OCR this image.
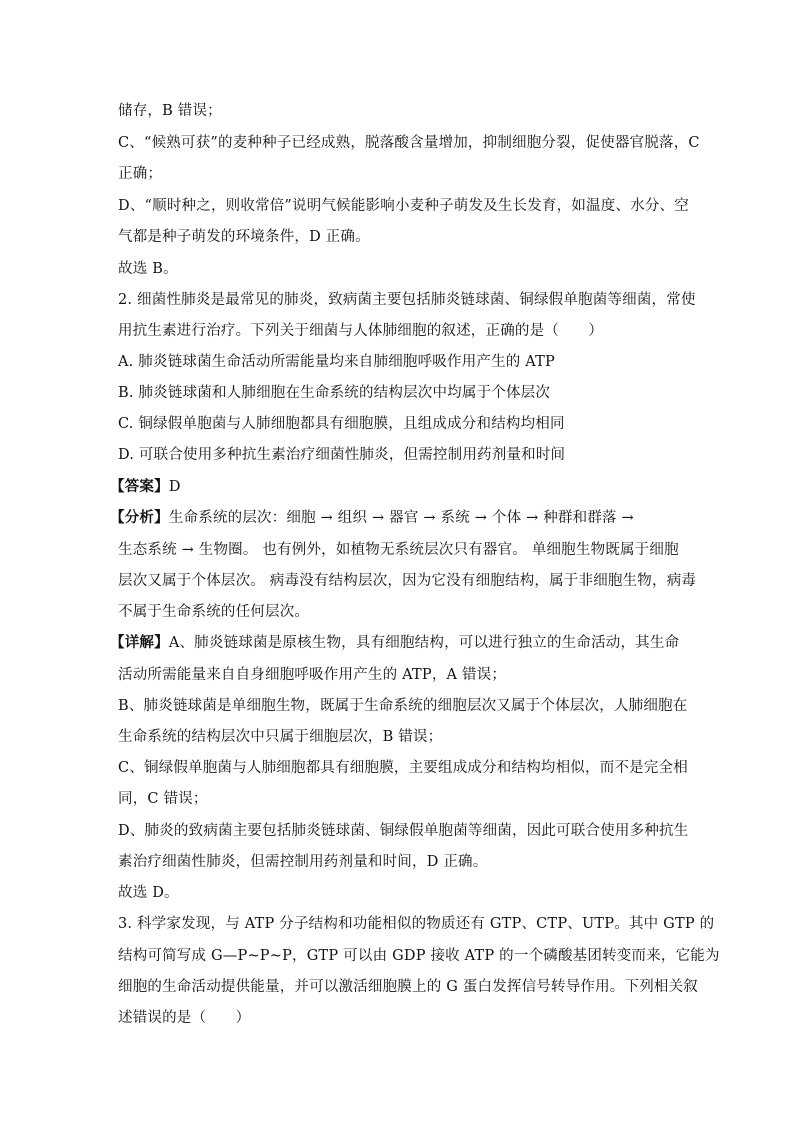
储存，B 错误；
C、“候熟可获”的麦种种子已经成熟，脱落酸含量增加，抑制细胞分裂，促使器官脱落，C
正确；
D、“顺时种之，则收常倍”说明气候能影响小麦种子萌发及生长发育，如温度、水分、空
气都是种子萌发的环境条件，D 正确。
故选 B。
2. 细菌性肺炎是最常见的肺炎，致病菌主要包括肺炎链球菌、铜绿假单胞菌等细菌，常使
用抗生素进行治疗。下列关于细菌与人体肺细胞的叙述，正确的是（　　）
A. 肺炎链球菌生命活动所需能量均来自肺细胞呼吸作用产生的 ATP
B. 肺炎链球菌和人肺细胞在生命系统的结构层次中均属于个体层次
C. 铜绿假单胞菌与人肺细胞都具有细胞膜，且组成成分和结构均相同
D. 可联合使用多种抗生素治疗细菌性肺炎，但需控制用药剂量和时间
【答案】D
【分析】生命系统的层次：细胞 → 组织 → 器官 → 系统 → 个体 → 种群和群落 →
生态系统 → 生物圈。 也有例外，如植物无系统层次只有器官。 单细胞生物既属于细胞
层次又属于个体层次。 病毒没有结构层次，因为它没有细胞结构，属于非细胞生物，病毒
不属于生命系统的任何层次。
【详解】A、肺炎链球菌是原核生物，具有细胞结构，可以进行独立的生命活动，其生命
活动所需能量来自自身细胞呼吸作用产生的 ATP，A 错误；
B、肺炎链球菌是单细胞生物，既属于生命系统的细胞层次又属于个体层次，人肺细胞在
生命系统的结构层次中只属于细胞层次，B 错误；
C、铜绿假单胞菌与人肺细胞都具有细胞膜，主要组成成分和结构均相似，而不是完全相
同，C 错误；
D、肺炎的致病菌主要包括肺炎链球菌、铜绿假单胞菌等细菌，因此可联合使用多种抗生
素治疗细菌性肺炎，但需控制用药剂量和时间，D 正确。
故选 D。
3. 科学家发现，与 ATP 分子结构和功能相似的物质还有 GTP、CTP、UTP。其中 GTP 的
结构可简写成 G—P~P~P，GTP 可以由 GDP 接收 ATP 的一个磷酸基团转变而来，它能为
细胞的生命活动提供能量，并可以激活细胞膜上的 G 蛋白发挥信号转导作用。下列相关叙
述错误的是（　　）
